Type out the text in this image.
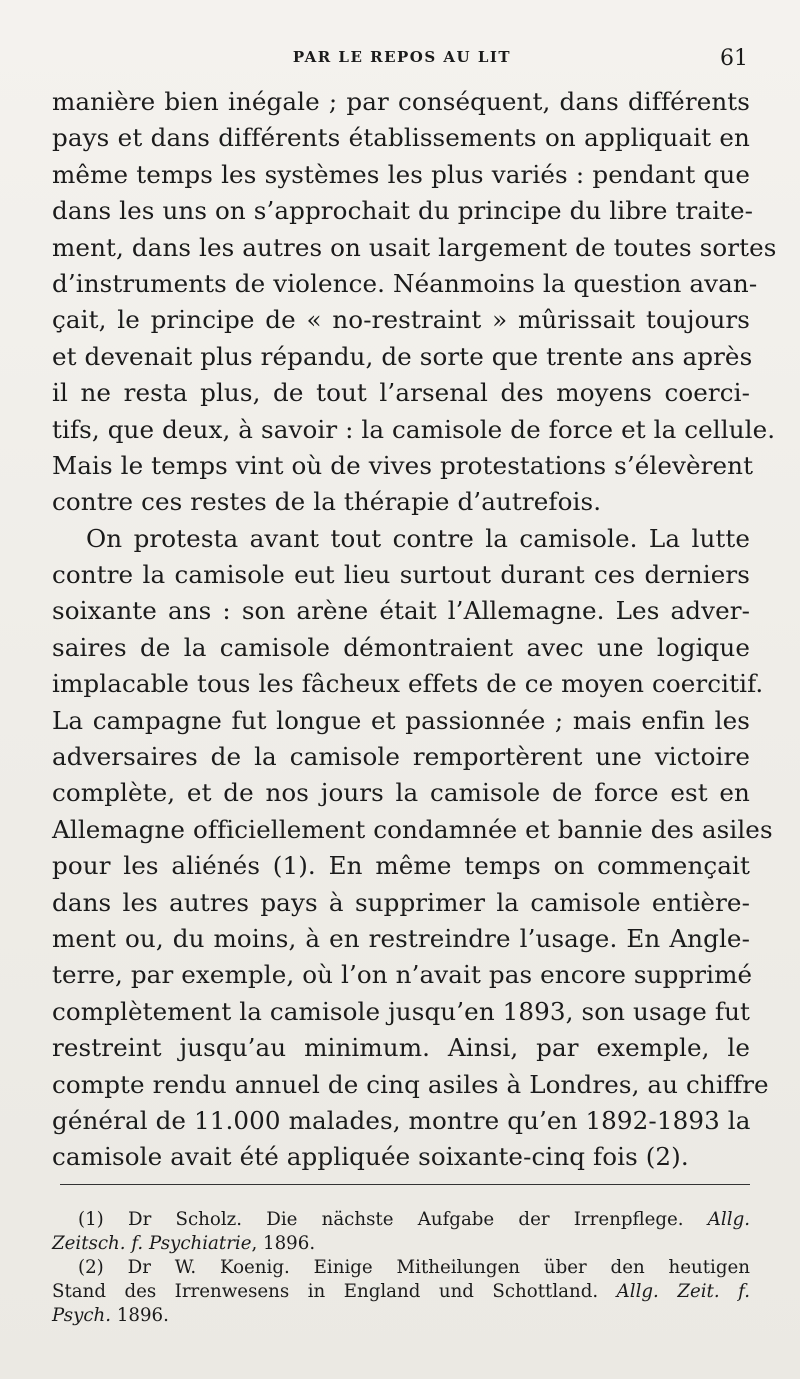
PAR LE REPOS AU LIT	61
manière bien inégale ; par conséquent, dans différents
pays et dans différents établissements on appliquait en
même temps les systèmes les plus variés : pendant que
dans les uns on s’approchait du principe du libre traite-
ment, dans les autres on usait largement de toutes sortes
d’instruments de violence. Néanmoins la question avan-
çait, le principe de « no-restraint » mûrissait toujours
et devenait plus répandu, de sorte que trente ans après
il ne resta plus, de tout l’arsenal des moyens coerci-
tifs, que deux, à savoir : la camisole de force et la cellule.
Mais le temps vint où de vives protestations s’élevèrent
contre ces restes de la thérapie d’autrefois.
On protesta avant tout contre la camisole. La lutte
contre la camisole eut lieu surtout durant ces derniers
soixante ans : son arène était l’Allemagne. Les adver-
saires de la camisole démontraient avec une logique
implacable tous les fâcheux effets de ce moyen coercitif.
La campagne fut longue et passionnée ; mais enfin les
adversaires de la camisole remportèrent une victoire
complète, et de nos jours la camisole de force est en
Allemagne officiellement condamnée et bannie des asiles
pour les aliénés (1). En même temps on commençait
dans les autres pays à supprimer la camisole entière-
ment ou, du moins, à en restreindre l’usage. En Angle-
terre, par exemple, où l’on n’avait pas encore supprimé
complètement la camisole jusqu’en 1893, son usage fut
restreint jusqu’au minimum. Ainsi, par exemple, le
compte rendu annuel de cinq asiles à Londres, au chiffre
général de 11.000 malades, montre qu’en 1892-1893 la
camisole avait été appliquée soixante-cinq fois (2).
(1) Dr Scholz. Die nächste Aufgabe der Irrenpflege. Allg.
Zeitsch. f. Psychiatrie, 1896.
(2) Dr W. Koenig. Einige Mitheilungen über den heutigen
Stand des Irrenwesens in England und Schottland. Allg. Zeit. f.
Psych. 1896.
